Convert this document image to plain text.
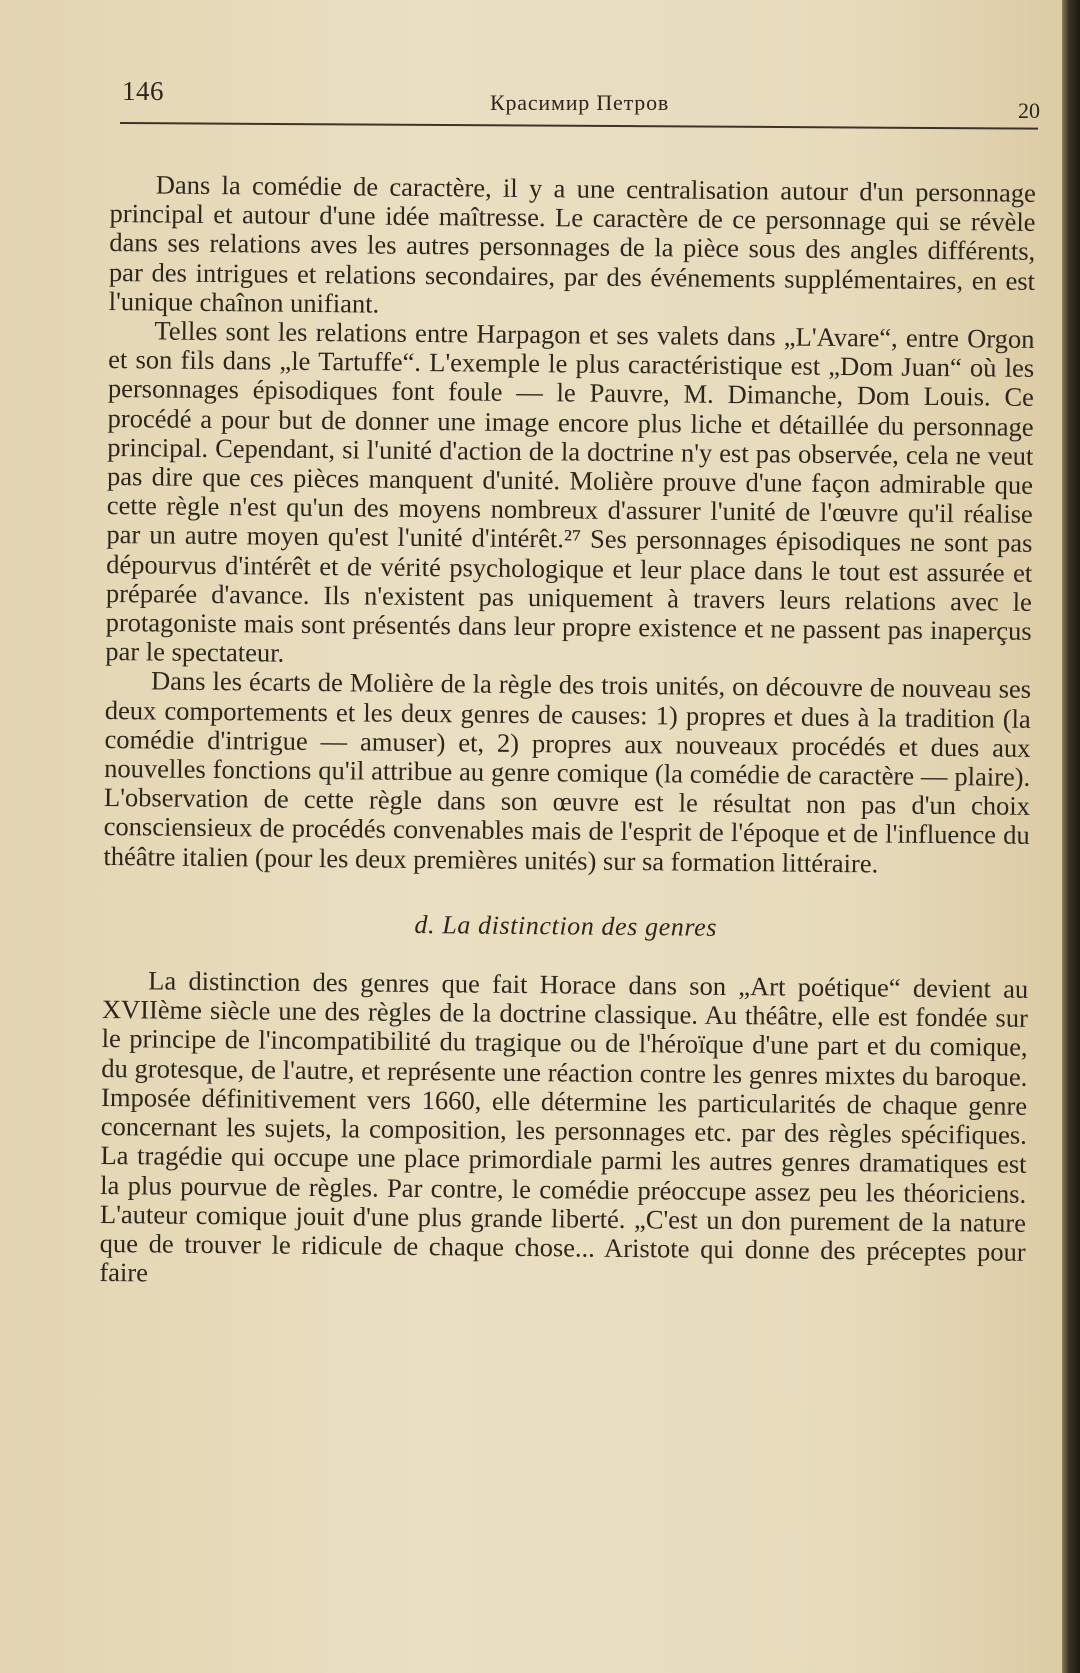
146	Красимир Петров	20

Dans la comédie de caractère, il y a une centralisation autour d'un personnage principal et autour d'une idée maîtresse. Le caractère de ce personnage qui se révèle dans ses relations aves les autres personnages de la pièce sous des angles différents, par des intrigues et relations secondaires, par des événements supplémentaires, en est l'unique chaînon unifiant.

Telles sont les relations entre Harpagon et ses valets dans „L'Avare“, entre Orgon et son fils dans „le Tartuffe“. L'exemple le plus caractéristique est „Dom Juan“ où les personnages épisodiques font foule — le Pauvre, M. Dimanche, Dom Louis. Ce procédé a pour but de donner une image encore plus liche et détaillée du personnage principal. Cependant, si l'unité d'action de la doctrine n'y est pas observée, cela ne veut pas dire que ces pièces manquent d'unité. Molière prouve d'une façon admirable que cette règle n'est qu'un des moyens nombreux d'assurer l'unité de l'œuvre qu'il réalise par un autre moyen qu'est l'unité d'intérêt.²⁷ Ses personnages épisodiques ne sont pas dépourvus d'intérêt et de vérité psychologique et leur place dans le tout est assurée et préparée d'avance. Ils n'existent pas uniquement à travers leurs relations avec le protagoniste mais sont présentés dans leur propre existence et ne passent pas inaperçus par le spectateur.

Dans les écarts de Molière de la règle des trois unités, on découvre de nouveau ses deux comportements et les deux genres de causes: 1) propres et dues à la tradition (la comédie d'intrigue — amuser) et, 2) propres aux nouveaux procédés et dues aux nouvelles fonctions qu'il attribue au genre comique (la comédie de caractère — plaire). L'observation de cette règle dans son œuvre est le résultat non pas d'un choix consciensieux de procédés convenables mais de l'esprit de l'époque et de l'influence du théâtre italien (pour les deux premières unités) sur sa formation littéraire.

d. La distinction des genres

La distinction des genres que fait Horace dans son „Art poétique“ devient au XVIIème siècle une des règles de la doctrine classique. Au théâtre, elle est fondée sur le principe de l'incompatibilité du tragique ou de l'héroïque d'une part et du comique, du grotesque, de l'autre, et représente une réaction contre les genres mixtes du baroque. Imposée définitivement vers 1660, elle détermine les particularités de chaque genre concernant les sujets, la composition, les personnages etc. par des règles spécifiques. La tragédie qui occupe une place primordiale parmi les autres genres dramatiques est la plus pourvue de règles. Par contre, le comédie préoccupe assez peu les théoriciens. L'auteur comique jouit d'une plus grande liberté. „C'est un don purement de la nature que de trouver le ridicule de chaque chose... Aristote qui donne des préceptes pour faire
